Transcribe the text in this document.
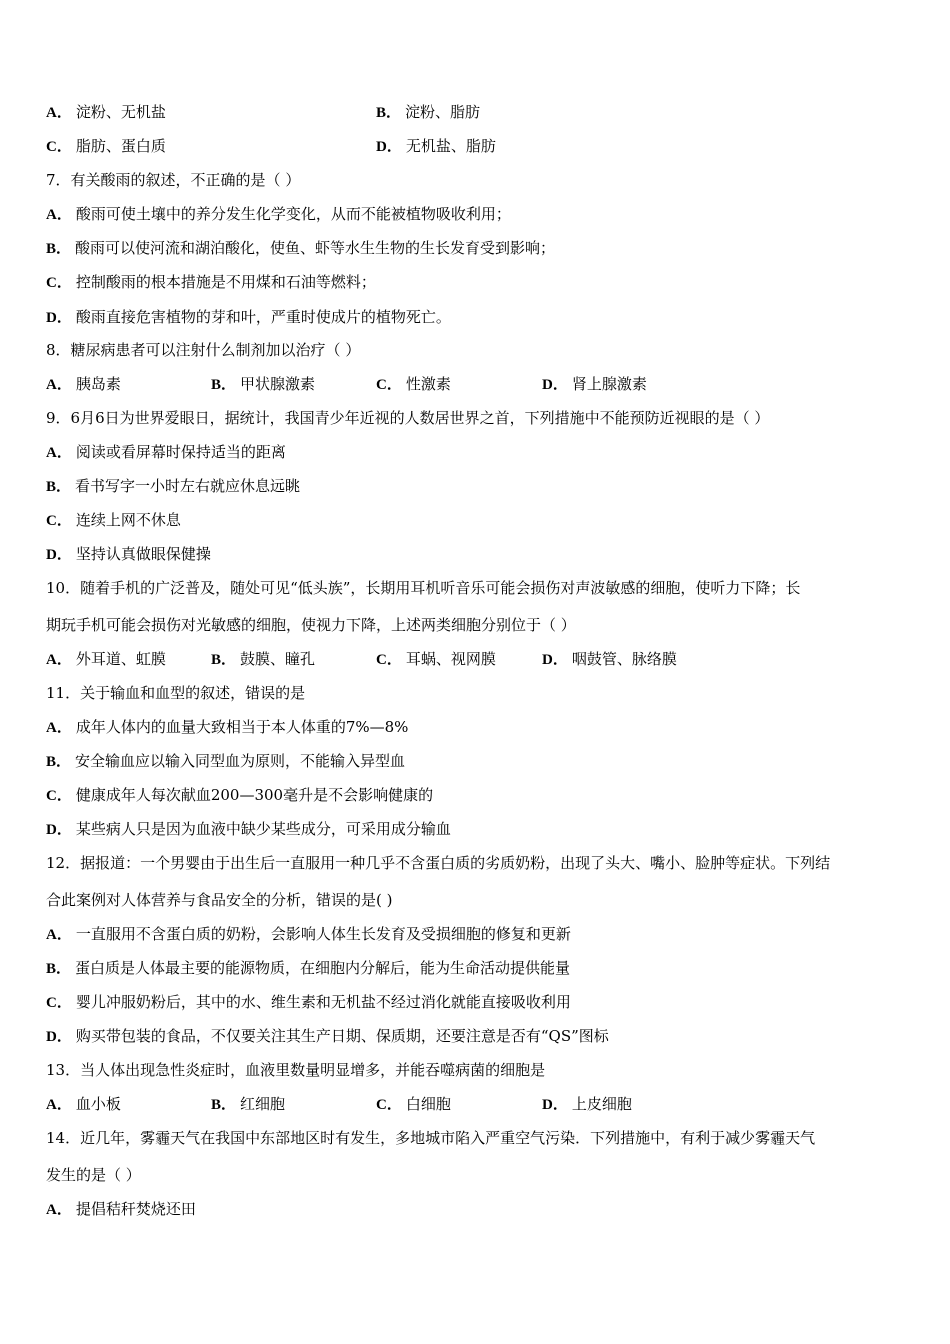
A． 淀粉、无机盐	B． 淀粉、脂肪
C． 脂肪、蛋白质	D． 无机盐、脂肪
7．有关酸雨的叙述，不正确的是（ ）
A． 酸雨可使土壤中的养分发生化学变化，从而不能被植物吸收利用；
B． 酸雨可以使河流和湖泊酸化，使鱼、虾等水生生物的生长发育受到影响；
C． 控制酸雨的根本措施是不用煤和石油等燃料；
D． 酸雨直接危害植物的芽和叶，严重时使成片的植物死亡。
8．糖尿病患者可以注射什么制剂加以治疗（ ）
A． 胰岛素	B． 甲状腺激素	C． 性激素	D． 肾上腺激素
9．6月6日为世界爱眼日，据统计，我国青少年近视的人数居世界之首，下列措施中不能预防近视眼的是（ ）
A． 阅读或看屏幕时保持适当的距离
B． 看书写字一小时左右就应休息远眺
C． 连续上网不休息
D． 坚持认真做眼保健操
10．随着手机的广泛普及，随处可见“低头族”，长期用耳机听音乐可能会损伤对声波敏感的细胞，使听力下降；长
期玩手机可能会损伤对光敏感的细胞，使视力下降，上述两类细胞分别位于（ ）
A． 外耳道、虹膜	B． 鼓膜、瞳孔	C． 耳蜗、视网膜	D． 咽鼓管、脉络膜
11．关于输血和血型的叙述，错误的是
A． 成年人体内的血量大致相当于本人体重的7%—8%
B． 安全输血应以输入同型血为原则，不能输入异型血
C． 健康成年人每次献血200—300毫升是不会影响健康的
D． 某些病人只是因为血液中缺少某些成分，可采用成分输血
12．据报道：一个男婴由于出生后一直服用一种几乎不含蛋白质的劣质奶粉，出现了头大、嘴小、脸肿等症状。下列结
合此案例对人体营养与食品安全的分析，错误的是( )
A． 一直服用不含蛋白质的奶粉，会影响人体生长发育及受损细胞的修复和更新
B． 蛋白质是人体最主要的能源物质，在细胞内分解后，能为生命活动提供能量
C． 婴儿冲服奶粉后，其中的水、维生素和无机盐不经过消化就能直接吸收利用
D． 购买带包装的食品，不仅要关注其生产日期、保质期，还要注意是否有“QS”图标
13．当人体出现急性炎症时，血液里数量明显增多，并能吞噬病菌的细胞是
A． 血小板	B． 红细胞	C． 白细胞	D． 上皮细胞
14．近几年，雾霾天气在我国中东部地区时有发生，多地城市陷入严重空气污染．下列措施中，有利于减少雾霾天气
发生的是（ ）
A． 提倡秸秆焚烧还田
